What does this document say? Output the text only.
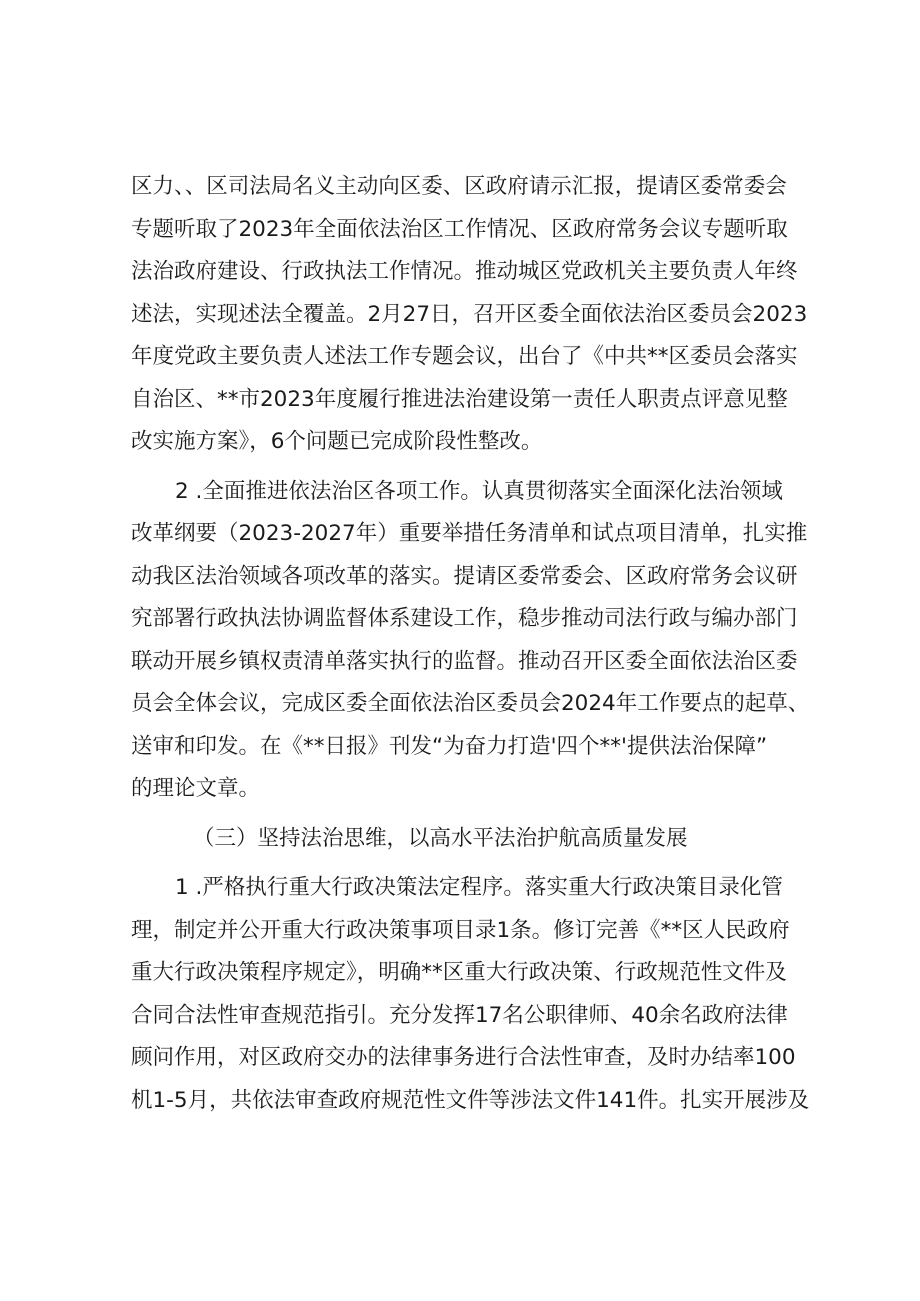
区力、、区司法局名义主动向区委、区政府请示汇报，提请区委常委会
专题听取了2023年全面依法治区工作情况、区政府常务会议专题听取
法治政府建设、行政执法工作情况。推动城区党政机关主要负责人年终
述法，实现述法全覆盖。2月27日，召开区委全面依法治区委员会2023
年度党政主要负责人述法工作专题会议，出台了《中共**区委员会落实
自治区、**市2023年度履行推进法治建设第一责任人职责点评意见整
改实施方案》，6个问题已完成阶段性整改。
2 .全面推进依法治区各项工作。认真贯彻落实全面深化法治领域
改革纲要（2023-2027年）重要举措任务清单和试点项目清单，扎实推
动我区法治领域各项改革的落实。提请区委常委会、区政府常务会议研
究部署行政执法协调监督体系建设工作，稳步推动司法行政与编办部门
联动开展乡镇权责清单落实执行的监督。推动召开区委全面依法治区委
员会全体会议，完成区委全面依法治区委员会2024年工作要点的起草、
送审和印发。在《**日报》刊发“为奋力打造'四个**'提供法治保障”
的理论文章。
（三）坚持法治思维，以高水平法治护航高质量发展
1 .严格执行重大行政决策法定程序。落实重大行政决策目录化管
理，制定并公开重大行政决策事项目录1条。修订完善《**区人民政府
重大行政决策程序规定》，明确**区重大行政决策、行政规范性文件及
合同合法性审查规范指引。充分发挥17名公职律师、40余名政府法律
顾问作用，对区政府交办的法律事务进行合法性审查，及时办结率100
机1-5月，共依法审查政府规范性文件等涉法文件141件。扎实开展涉及
